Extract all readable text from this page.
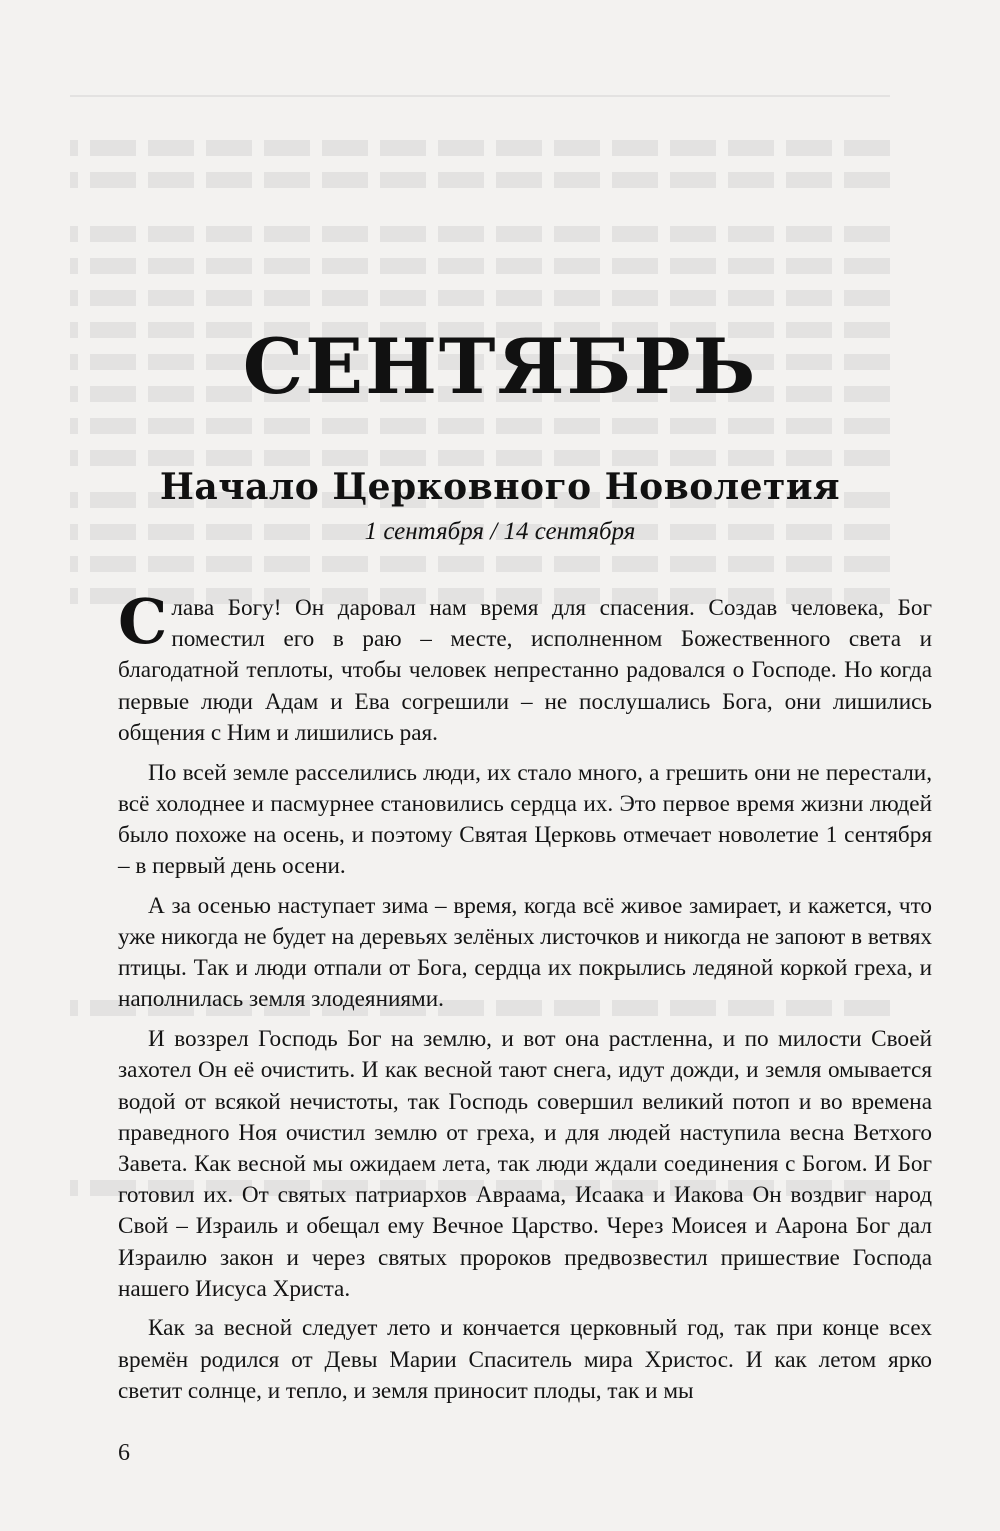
СЕНТЯБРЬ
Начало Церковного Новолетия
1 сентября / 14 сентября

Слава Богу! Он даровал нам время для спасения. Создав человека, Бог поместил его в раю – месте, исполненном Божественного света и благодатной теплоты, чтобы человек непрестанно радовался о Господе. Но когда первые люди Адам и Ева согрешили – не послушались Бога, они лишились общения с Ним и лишились рая.

По всей земле расселились люди, их стало много, а грешить они не перестали, всё холоднее и пасмурнее становились сердца их. Это первое время жизни людей было похоже на осень, и поэтому Святая Церковь отмечает новолетие 1 сентября – в первый день осени.

А за осенью наступает зима – время, когда всё живое замирает, и кажется, что уже никогда не будет на деревьях зелёных листочков и никогда не запоют в ветвях птицы. Так и люди отпали от Бога, сердца их покрылись ледяной коркой греха, и наполнилась земля злодеяниями.

И воззрел Господь Бог на землю, и вот она растленна, и по милости Своей захотел Он её очистить. И как весной тают снега, идут дожди, и земля омывается водой от всякой нечистоты, так Господь совершил великий потоп и во времена праведного Ноя очистил землю от греха, и для людей наступила весна Ветхого Завета. Как весной мы ожидаем лета, так люди ждали соединения с Богом. И Бог готовил их. От святых патриархов Авраама, Исаака и Иакова Он воздвиг народ Свой – Израиль и обещал ему Вечное Царство. Через Моисея и Аарона Бог дал Израилю закон и через святых пророков предвозвестил пришествие Господа нашего Иисуса Христа.

Как за весной следует лето и кончается церковный год, так при конце всех времён родился от Девы Марии Спаситель мира Христос. И как летом ярко светит солнце, и тепло, и земля приносит плоды, так и мы

6
